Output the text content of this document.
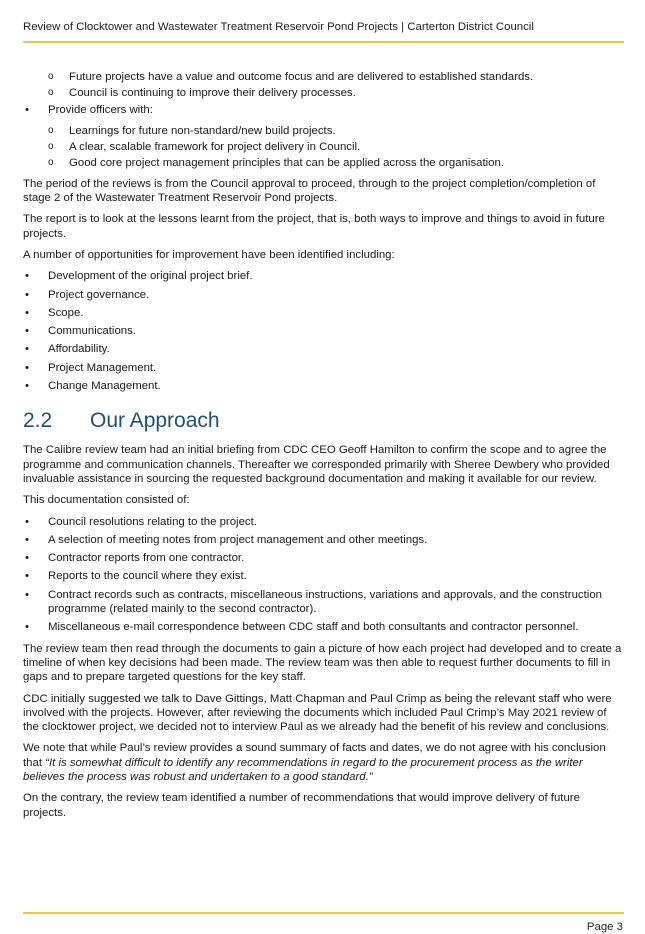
Review of Clocktower and Wastewater Treatment Reservoir Pond Projects | Carterton District Council
o Future projects have a value and outcome focus and are delivered to established standards.
o Council is continuing to improve their delivery processes.
• Provide officers with:
o Learnings for future non-standard/new build projects.
o A clear, scalable framework for project delivery in Council.
o Good core project management principles that can be applied across the organisation.

The period of the reviews is from the Council approval to proceed, through to the project completion/completion of stage 2 of the Wastewater Treatment Reservoir Pond projects.

The report is to look at the lessons learnt from the project, that is, both ways to improve and things to avoid in future projects.

A number of opportunities for improvement have been identified including:

• Development of the original project brief.
• Project governance.
• Scope.
• Communications.
• Affordability.
• Project Management.
• Change Management.
2.2 Our Approach

The Calibre review team had an initial briefing from CDC CEO Geoff Hamilton to confirm the scope and to agree the programme and communication channels. Thereafter we corresponded primarily with Sheree Dewbery who provided invaluable assistance in sourcing the requested background documentation and making it available for our review.

This documentation consisted of:

• Council resolutions relating to the project.
• A selection of meeting notes from project management and other meetings.
• Contractor reports from one contractor.
• Reports to the council where they exist.
• Contract records such as contracts, miscellaneous instructions, variations and approvals, and the construction programme (related mainly to the second contractor).
• Miscellaneous e-mail correspondence between CDC staff and both consultants and contractor personnel.

The review team then read through the documents to gain a picture of how each project had developed and to create a timeline of when key decisions had been made. The review team was then able to request further documents to fill in gaps and to prepare targeted questions for the key staff.

CDC initially suggested we talk to Dave Gittings, Matt Chapman and Paul Crimp as being the relevant staff who were involved with the projects. However, after reviewing the documents which included Paul Crimp’s May 2021 review of the clocktower project, we decided not to interview Paul as we already had the benefit of his review and conclusions.

We note that while Paul’s review provides a sound summary of facts and dates, we do not agree with his conclusion that “It is somewhat difficult to identify any recommendations in regard to the procurement process as the writer believes the process was robust and undertaken to a good standard.”

On the contrary, the review team identified a number of recommendations that would improve delivery of future projects.

Page 3
